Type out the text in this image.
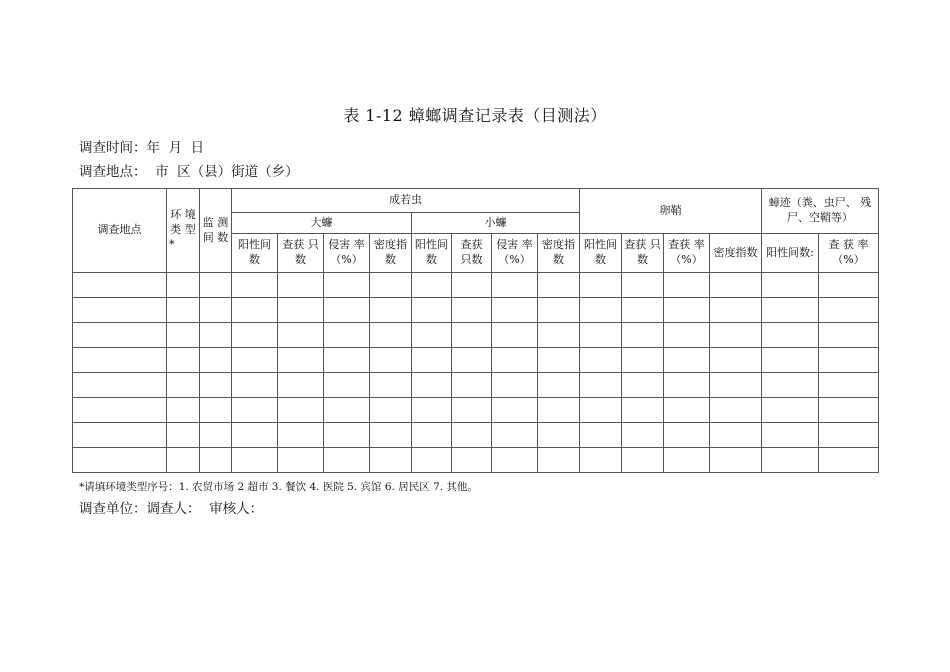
表 1-12 蟑螂调查记录表（目测法）
调查时间：年  月  日
调查地点：  市  区（县）街道（乡）
调查地点	环 境 类 型 *	监 测 间 数	成若虫								卵鞘				蟑迹（粪、虫尸、 残尸、空鞘等）	
			大蠊				小蠊									
			阳性间数	查获 只数	侵害 率（%）	密度指数	阳性间数	查获 只数	侵害 率（%）	密度指数	阳性间数	查获 只数	查获 率（%）	密度指数	阳性间数:	查 获 率（%）

*请填环境类型序号：1. 农贸市场 2 超市 3. 餐饮 4. 医院 5. 宾馆 6. 居民区 7. 其他。
调查单位：调查人：  审核人：
